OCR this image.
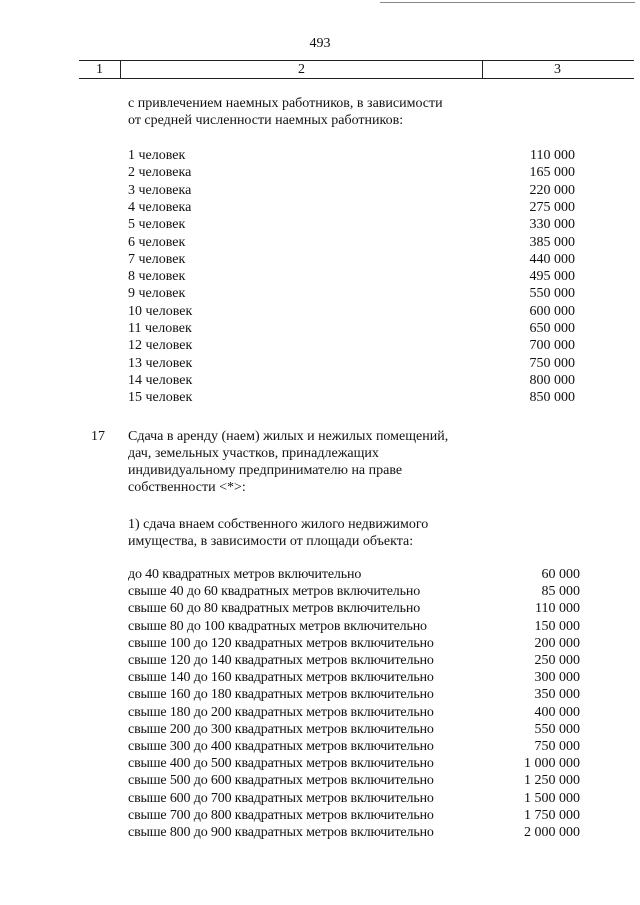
493
1	2	3
с привлечением наемных работников, в зависимости
от средней численности наемных работников:
1 человек	110 000
2 человека	165 000
3 человека	220 000
4 человека	275 000
5 человек	330 000
6 человек	385 000
7 человек	440 000
8 человек	495 000
9 человек	550 000
10 человек	600 000
11 человек	650 000
12 человек	700 000
13 человек	750 000
14 человек	800 000
15 человек	850 000
17 Сдача в аренду (наем) жилых и нежилых помещений,
дач, земельных участков, принадлежащих
индивидуальному предпринимателю на праве
собственности <*>:
1) сдача внаем собственного жилого недвижимого
имущества, в зависимости от площади объекта:
до 40 квадратных метров включительно	60 000
свыше 40 до 60 квадратных метров включительно	85 000
свыше 60 до 80 квадратных метров включительно	110 000
свыше 80 до 100 квадратных метров включительно	150 000
свыше 100 до 120 квадратных метров включительно	200 000
свыше 120 до 140 квадратных метров включительно	250 000
свыше 140 до 160 квадратных метров включительно	300 000
свыше 160 до 180 квадратных метров включительно	350 000
свыше 180 до 200 квадратных метров включительно	400 000
свыше 200 до 300 квадратных метров включительно	550 000
свыше 300 до 400 квадратных метров включительно	750 000
свыше 400 до 500 квадратных метров включительно	1 000 000
свыше 500 до 600 квадратных метров включительно	1 250 000
свыше 600 до 700 квадратных метров включительно	1 500 000
свыше 700 до 800 квадратных метров включительно	1 750 000
свыше 800 до 900 квадратных метров включительно	2 000 000
